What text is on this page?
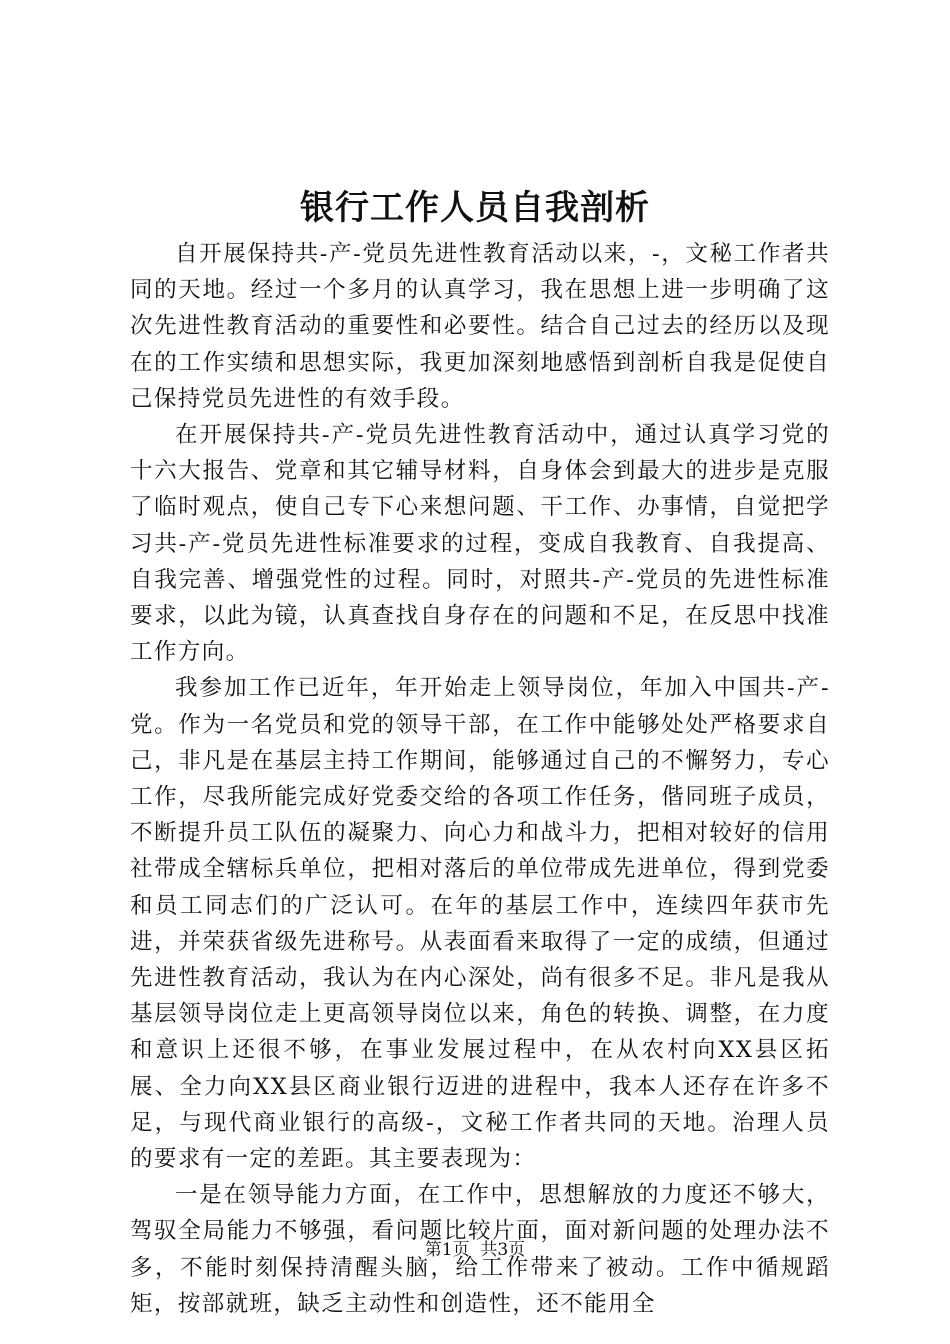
银行工作人员自我剖析

自开展保持共-产-党员先进性教育活动以来，-，文秘工作者共同的天地。经过一个多月的认真学习，我在思想上进一步明确了这次先进性教育活动的重要性和必要性。结合自己过去的经历以及现在的工作实绩和思想实际，我更加深刻地感悟到剖析自我是促使自己保持党员先进性的有效手段。

在开展保持共-产-党员先进性教育活动中，通过认真学习党的十六大报告、党章和其它辅导材料，自身体会到最大的进步是克服了临时观点，使自己专下心来想问题、干工作、办事情，自觉把学习共-产-党员先进性标准要求的过程，变成自我教育、自我提高、自我完善、增强党性的过程。同时，对照共-产-党员的先进性标准要求，以此为镜，认真查找自身存在的问题和不足，在反思中找准工作方向。

我参加工作已近年，年开始走上领导岗位，年加入中国共-产-党。作为一名党员和党的领导干部，在工作中能够处处严格要求自己，非凡是在基层主持工作期间，能够通过自己的不懈努力，专心工作，尽我所能完成好党委交给的各项工作任务，偕同班子成员，不断提升员工队伍的凝聚力、向心力和战斗力，把相对较好的信用社带成全辖标兵单位，把相对落后的单位带成先进单位，得到党委和员工同志们的广泛认可。在年的基层工作中，连续四年获市先进，并荣获省级先进称号。从表面看来取得了一定的成绩，但通过先进性教育活动，我认为在内心深处，尚有很多不足。非凡是我从基层领导岗位走上更高领导岗位以来，角色的转换、调整，在力度和意识上还很不够，在事业发展过程中，在从农村向XX县区拓展、全力向XX县区商业银行迈进的进程中，我本人还存在许多不足，与现代商业银行的高级-，文秘工作者共同的天地。治理人员的要求有一定的差距。其主要表现为：

一是在领导能力方面，在工作中，思想解放的力度还不够大，驾驭全局能力不够强，看问题比较片面，面对新问题的处理办法不多，不能时刻保持清醒头脑，给工作带来了被动。工作中循规蹈矩，按部就班，缺乏主动性和创造性，还不能用全

第1页 共3页
